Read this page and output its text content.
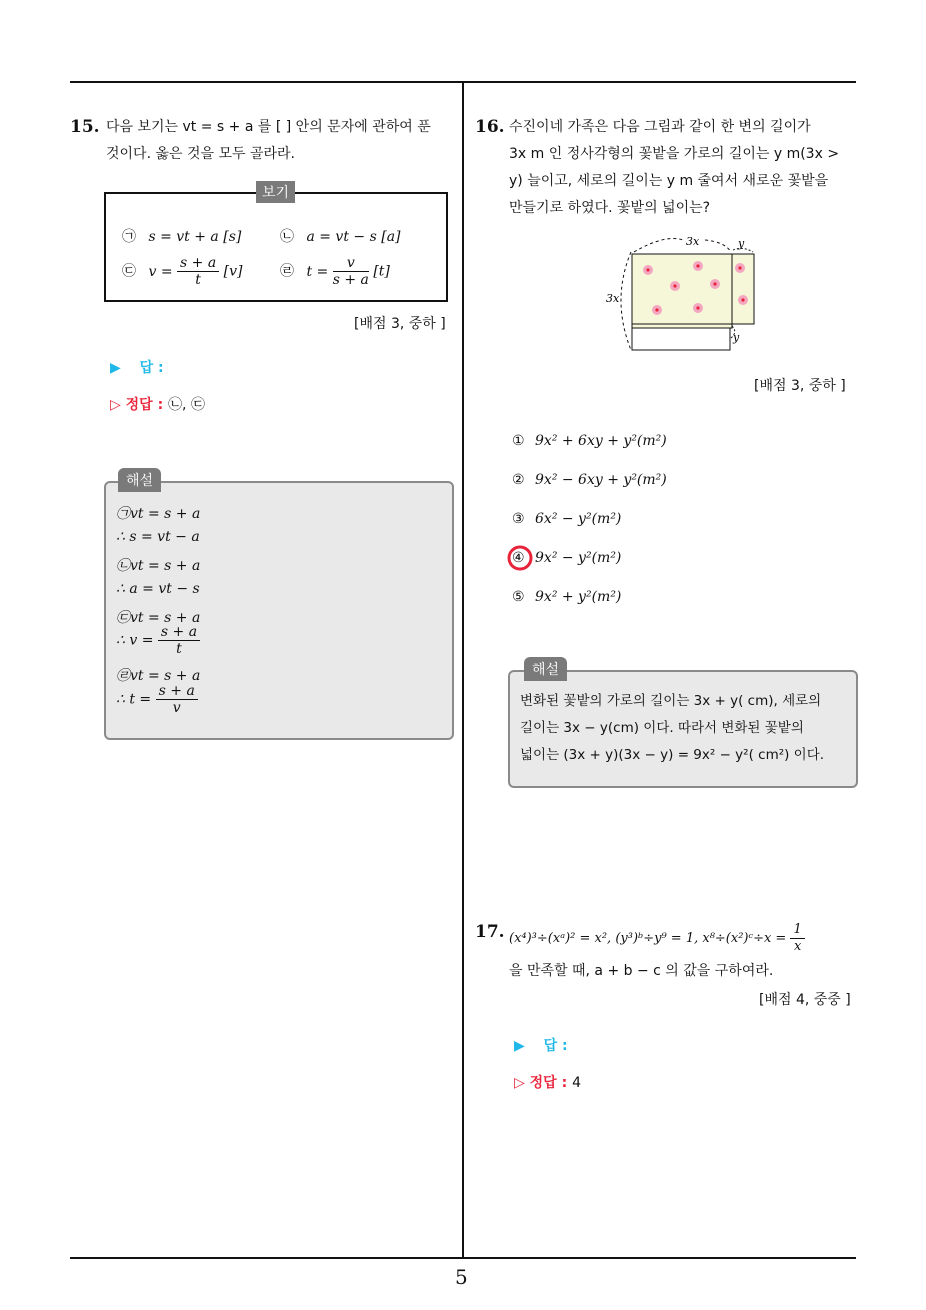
5
15. 다음 보기는 vt = s + a 를 [ ] 안의 문자에 관하여 푼
것이다. 옳은 것을 모두 골라라.
보기
㉠ s = vt + a [s]	㉡ a = vt − s [a]
㉢ $v = \frac{s + a}{t} [v]$	㉣ $t = \frac{v}{s + a} [t]$
[배점 3, 중하 ]
▶ 답 :
▷ 정답 : ㉡, ㉢
해설
㉠vt = s + a
∴ s = vt − a
㉡vt = s + a
∴ a = vt − s
㉢vt = s + a
∴ $v = \frac{s + a}{t}$
㉣vt = s + a
∴ $t = \frac{s + a}{v}$
16. 수진이네 가족은 다음 그림과 같이 한 변의 길이가
3x m 인 정사각형의 꽃밭을 가로의 길이는 y m(3x >
y) 늘이고, 세로의 길이는 y m 줄여서 새로운 꽃밭을
만들기로 하였다. 꽃밭의 넓이는?
3x	y
3x
y
[배점 3, 중하 ]
① 9x² + 6xy + y²(m²)
② 9x² − 6xy + y²(m²)
③ 6x² − y²(m²)
④ 9x² − y²(m²)
⑤ 9x² + y²(m²)
해설
변화된 꽃밭의 가로의 길이는 3x + y( cm), 세로의
길이는 3x − y(cm) 이다. 따라서 변화된 꽃밭의
넓이는 (3x + y)(3x − y) = 9x² − y²( cm²) 이다.
17. (x⁴)³÷(xᵃ)² = x², (y³)ᵇ÷y⁹ = 1, x⁸÷(x²)ᶜ÷x = $\frac{1}{x}$
을 만족할 때, a + b − c 의 값을 구하여라.
[배점 4, 중중 ]
▶ 답 :
▷ 정답 : 4
